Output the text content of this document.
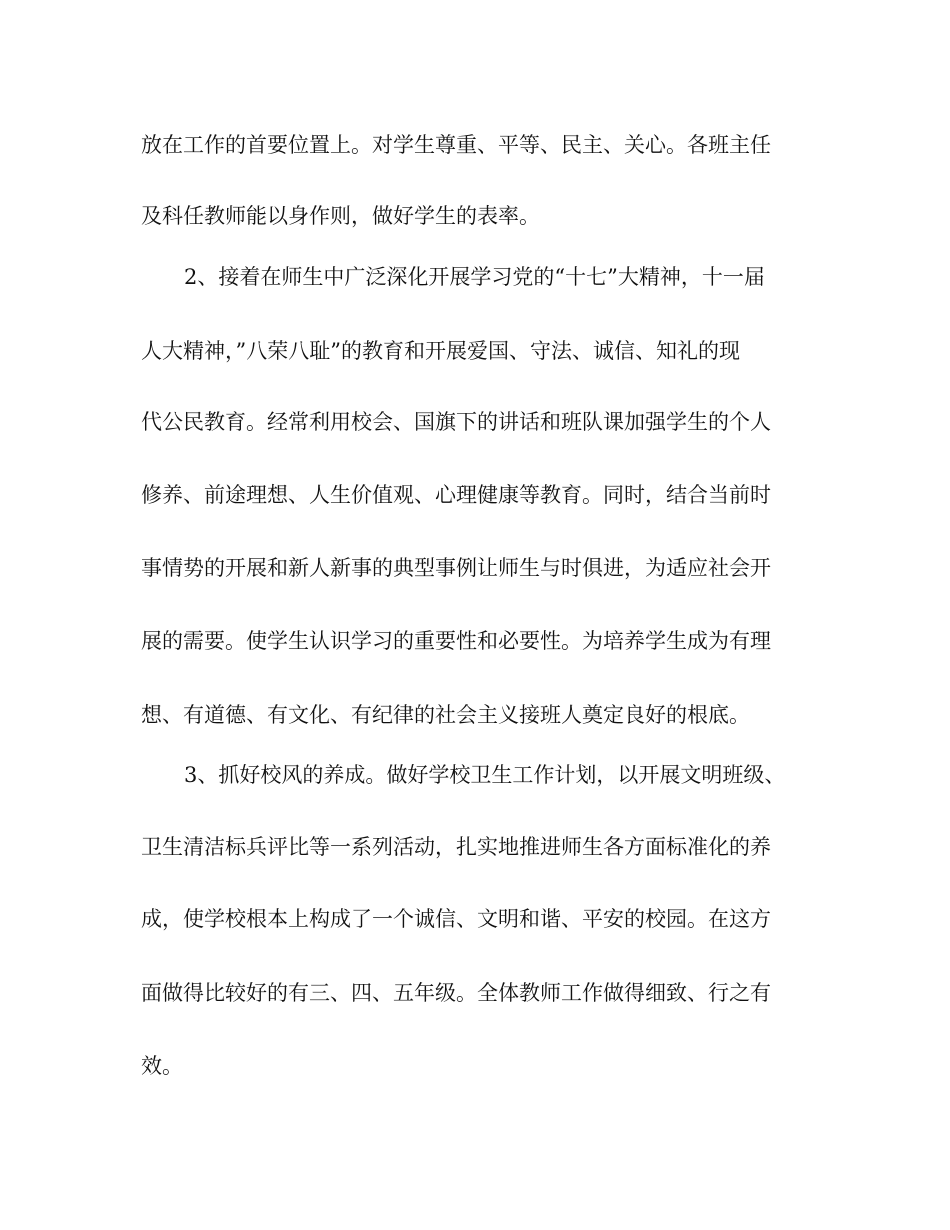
放在工作的首要位置上。对学生尊重、平等、民主、关心。各班主任
及科任教师能以身作则，做好学生的表率。
2、接着在师生中广泛深化开展学习党的“十七”大精神，十一届
人大精神，”八荣八耻”的教育和开展爱国、守法、诚信、知礼的现
代公民教育。经常利用校会、国旗下的讲话和班队课加强学生的个人
修养、前途理想、人生价值观、心理健康等教育。同时，结合当前时
事情势的开展和新人新事的典型事例让师生与时俱进，为适应社会开
展的需要。使学生认识学习的重要性和必要性。为培养学生成为有理
想、有道德、有文化、有纪律的社会主义接班人奠定良好的根底。
3、抓好校风的养成。做好学校卫生工作计划，以开展文明班级、
卫生清洁标兵评比等一系列活动，扎实地推进师生各方面标准化的养
成，使学校根本上构成了一个诚信、文明和谐、平安的校园。在这方
面做得比较好的有三、四、五年级。全体教师工作做得细致、行之有
效。
